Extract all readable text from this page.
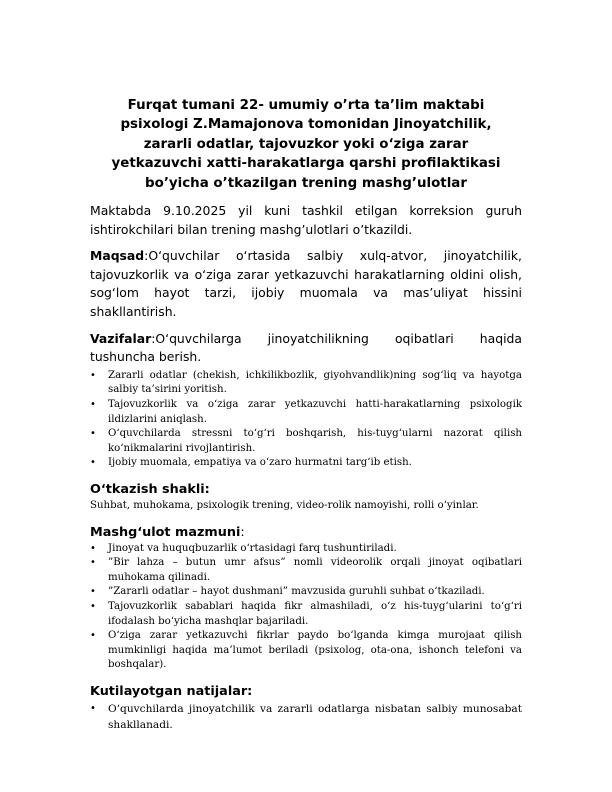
Furqat tumani 22- umumiy o’rta ta’lim maktabi
psixologi Z.Mamajonova tomonidan Jinoyatchilik,
zararli odatlar, tajovuzkor yoki o‘ziga zarar
yetkazuvchi xatti-harakatlarga qarshi profilaktikasi
bo’yicha o’tkazilgan trening mashg’ulotlar

Maktabda 9.10.2025 yil kuni tashkil etilgan korreksion guruh ishtirokchilari bilan trening mashg’ulotlari o’tkazildi.

Maqsad:O‘quvchilar o‘rtasida salbiy xulq-atvor, jinoyatchilik, tajovuzkorlik va o‘ziga zarar yetkazuvchi harakatlarning oldini olish, sog‘lom hayot tarzi, ijobiy muomala va mas’uliyat hissini shakllantirish.

Vazifalar:O‘quvchilarga jinoyatchilikning oqibatlari haqida tushuncha berish.

• Zararli odatlar (chekish, ichkilikbozlik, giyohvandlik)ning sog‘liq va hayotga salbiy ta’sirini yoritish.
• Tajovuzkorlik va o‘ziga zarar yetkazuvchi hatti-harakatlarning psixologik ildizlarini aniqlash.
• O‘quvchilarda stressni to‘g‘ri boshqarish, his-tuyg‘ularni nazorat qilish ko‘nikmalarini rivojlantirish.
• Ijobiy muomala, empatiya va o‘zaro hurmatni targ‘ib etish.
O‘tkazish shakli:

Suhbat, muhokama, psixologik trening, video-rolik namoyishi, rolli o‘yinlar.

Mashg‘ulot mazmuni:
• Jinoyat va huquqbuzarlik o‘rtasidagi farq tushuntiriladi.
• ”Bir lahza – butun umr afsus” nomli videorolik orqali jinoyat oqibatlari muhokama qilinadi.
• ”Zararli odatlar – hayot dushmani” mavzusida guruhli suhbat o‘tkaziladi.
• Tajovuzkorlik sabablari haqida fikr almashiladi, o‘z his-tuyg‘ularini to‘g‘ri ifodalash bo‘yicha mashqlar bajariladi.
• O‘ziga zarar yetkazuvchi fikrlar paydo bo‘lganda kimga murojaat qilish mumkinligi haqida ma’lumot beriladi (psixolog, ota-ona, ishonch telefoni va boshqalar).
Kutilayotgan natijalar:
• O‘quvchilarda jinoyatchilik va zararli odatlarga nisbatan salbiy munosabat shakllanadi.
